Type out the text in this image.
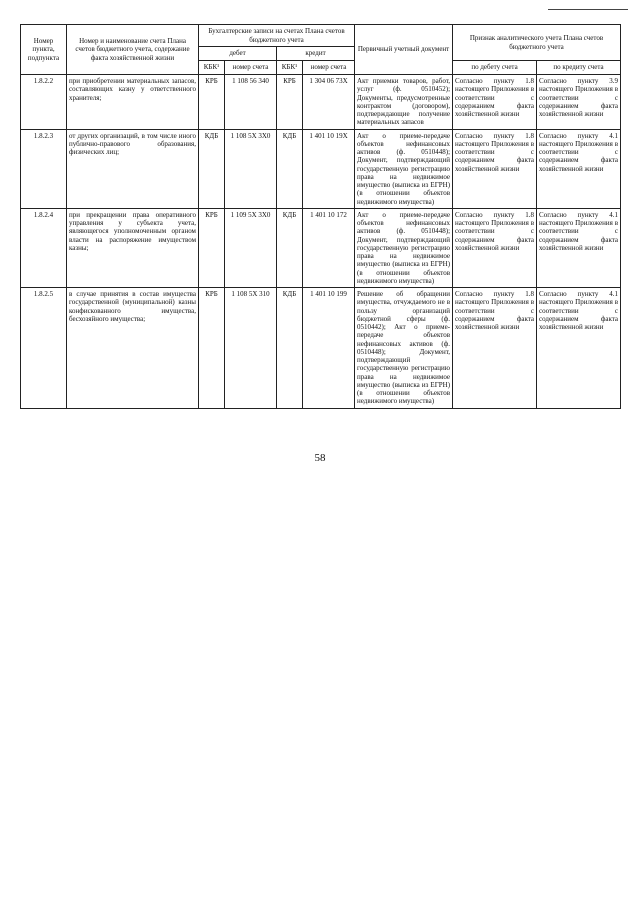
Номер пункта, подпункта	Номер и наименование счета Плана счетов бюджетного учета, содержание факта хозяйственной жизни	Бухгалтерские записи на счетах Плана счетов бюджетного учета				Первичный учетный документ	Признак аналитического учета Плана счетов бюджетного учета	
		дебет		кредит				
		КБК¹	номер счета	КБК¹	номер счета		по дебету счета	по кредиту счета
1.8.2.2	при приобретении материальных запасов, составляющих казну у ответственного хранителя;	КРБ	1 108 56 340	КРБ	1 304 06 73X	Акт приемки товаров, работ, услуг (ф. 0510452); Документы, предусмотренные контрактом (договором), подтверждающие получение материальных запасов	Согласно пункту 1.8 настоящего Приложения в соответствии с содержанием факта хозяйственной жизни	Согласно пункту 3.9 настоящего Приложения в соответствии с содержанием факта хозяйственной жизни
1.8.2.3	от других организаций, в том числе иного публично-правового образования, физических лиц;	КДБ	1 108 5X 3X0	КДБ	1 401 10 19X	Акт о приеме-передаче объектов нефинансовых активов (ф. 0510448); Документ, подтверждающий государственную регистрацию права на недвижимое имущество (выписка из ЕГРН) (в отношении объектов недвижимого имущества)	Согласно пункту 1.8 настоящего Приложения в соответствии с содержанием факта хозяйственной жизни	Согласно пункту 4.1 настоящего Приложения в соответствии с содержанием факта хозяйственной жизни
1.8.2.4	при прекращении права оперативного управления у субъекта учета, являющегося уполномоченным органом власти на распоряжение имуществом казны;	КРБ	1 109 5X 3X0	КДБ	1 401 10 172	Акт о приеме-передаче объектов нефинансовых активов (ф. 0510448); Документ, подтверждающий государственную регистрацию права на недвижимое имущество (выписка из ЕГРН) (в отношении объектов недвижимого имущества)	Согласно пункту 1.8 настоящего Приложения в соответствии с содержанием факта хозяйственной жизни	Согласно пункту 4.1 настоящего Приложения в соответствии с содержанием факта хозяйственной жизни
1.8.2.5	в случае принятия в состав имущества государственной (муниципальной) казны конфискованного имущества, бесхозяйного имущества;	КРБ	1 108 5X 310	КДБ	1 401 10 199	Решение об обращении имущества, отчуждаемого не в пользу организаций бюджетной сферы (ф. 0510442); Акт о приеме-передаче объектов нефинансовых активов (ф. 0510448); Документ, подтверждающий государственную регистрацию права на недвижимое имущество (выписка из ЕГРН) (в отношении объектов недвижимого имущества)	Согласно пункту 1.8 настоящего Приложения в соответствии с содержанием факта хозяйственной жизни	Согласно пункту 4.1 настоящего Приложения в соответствии с содержанием факта хозяйственной жизни
58
